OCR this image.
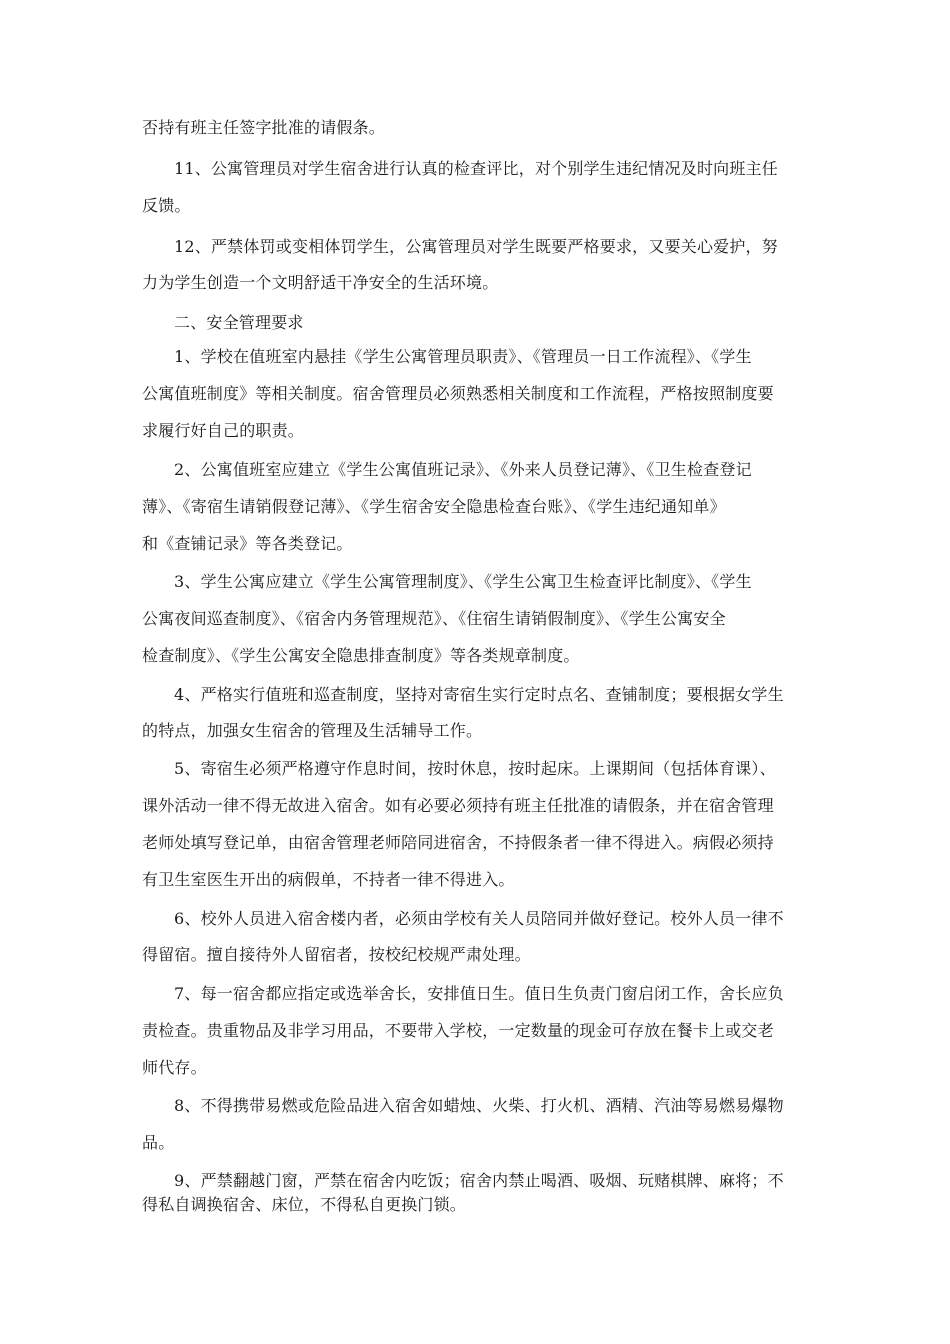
否持有班主任签字批准的请假条。
11、公寓管理员对学生宿舍进行认真的检查评比，对个别学生违纪情况及时向班主任
反馈。
12、严禁体罚或变相体罚学生，公寓管理员对学生既要严格要求，又要关心爱护，努
力为学生创造一个文明舒适干净安全的生活环境。
二、安全管理要求
1、学校在值班室内悬挂《学生公寓管理员职责》、《管理员一日工作流程》、《学生
公寓值班制度》等相关制度。宿舍管理员必须熟悉相关制度和工作流程，严格按照制度要
求履行好自己的职责。
2、公寓值班室应建立《学生公寓值班记录》、《外来人员登记薄》、《卫生检查登记
薄》、《寄宿生请销假登记薄》、《学生宿舍安全隐患检查台账》、《学生违纪通知单》
和《查铺记录》等各类登记。
3、学生公寓应建立《学生公寓管理制度》、《学生公寓卫生检查评比制度》、《学生
公寓夜间巡查制度》、《宿舍内务管理规范》、《住宿生请销假制度》、《学生公寓安全
检查制度》、《学生公寓安全隐患排查制度》等各类规章制度。
4、严格实行值班和巡查制度，坚持对寄宿生实行定时点名、查铺制度；要根据女学生
的特点，加强女生宿舍的管理及生活辅导工作。
5、寄宿生必须严格遵守作息时间，按时休息，按时起床。上课期间（包括体育课）、
课外活动一律不得无故进入宿舍。如有必要必须持有班主任批准的请假条，并在宿舍管理
老师处填写登记单，由宿舍管理老师陪同进宿舍，不持假条者一律不得进入。病假必须持
有卫生室医生开出的病假单，不持者一律不得进入。
6、校外人员进入宿舍楼内者，必须由学校有关人员陪同并做好登记。校外人员一律不
得留宿。擅自接待外人留宿者，按校纪校规严肃处理。
7、每一宿舍都应指定或选举舍长，安排值日生。值日生负责门窗启闭工作，舍长应负
责检查。贵重物品及非学习用品，不要带入学校，一定数量的现金可存放在餐卡上或交老
师代存。
8、不得携带易燃或危险品进入宿舍如蜡烛、火柴、打火机、酒精、汽油等易燃易爆物
品。
9、严禁翻越门窗，严禁在宿舍内吃饭；宿舍内禁止喝酒、吸烟、玩赌棋牌、麻将；不
得私自调换宿舍、床位，不得私自更换门锁。
